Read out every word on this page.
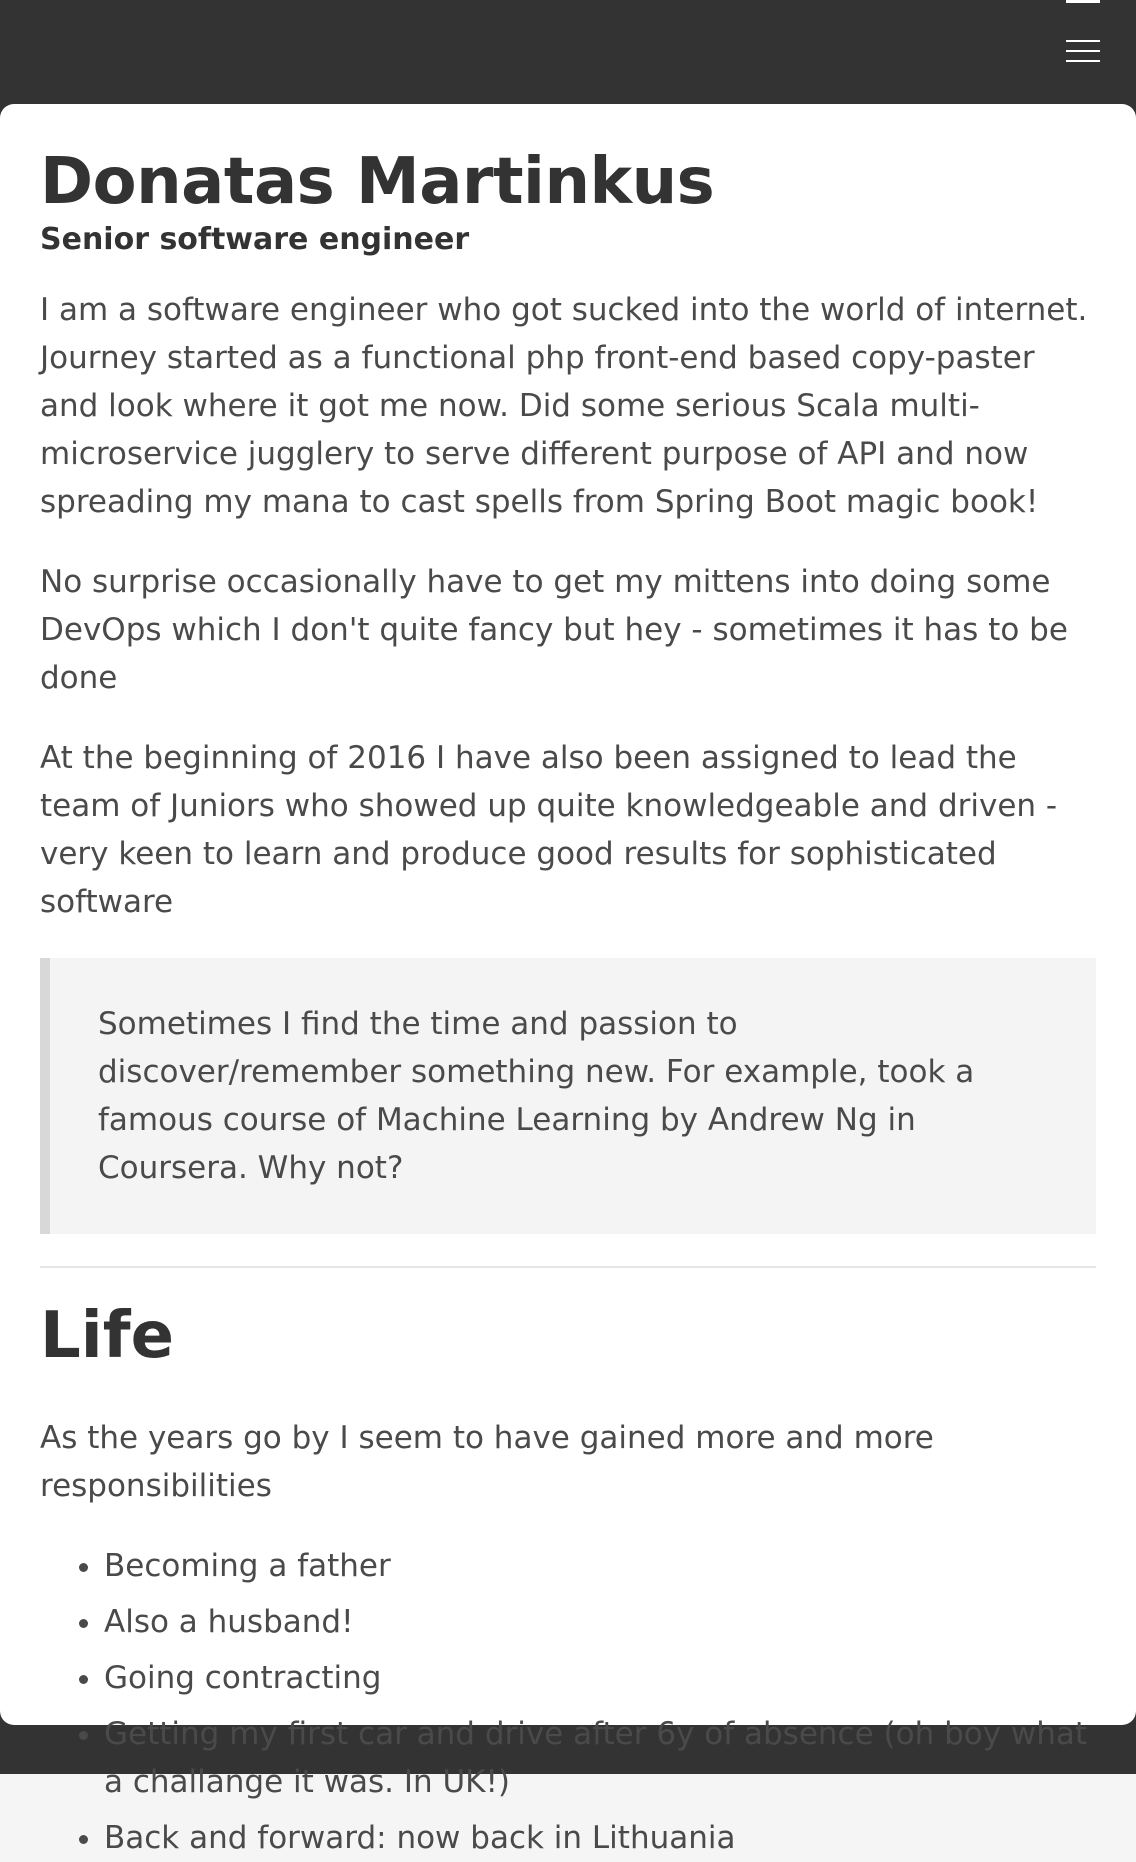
Donatas Martinkus
Senior software engineer

I am a software engineer who got sucked into the world of internet. Journey started as a functional php front-end based copy-paster and look where it got me now. Did some serious Scala multi-microservice jugglery to serve different purpose of API and now spreading my mana to cast spells from Spring Boot magic book!

No surprise occasionally have to get my mittens into doing some DevOps which I don't quite fancy but hey - sometimes it has to be done

At the beginning of 2016 I have also been assigned to lead the team of Juniors who showed up quite knowledgeable and driven - very keen to learn and produce good results for sophisticated software

Sometimes I find the time and passion to discover/remember something new. For example, took a famous course of Machine Learning by Andrew Ng in Coursera. Why not?
Life

As the years go by I seem to have gained more and more responsibilities

• Becoming a father
• Also a husband!
• Going contracting
• Getting my first car and drive after 6y of absence (oh boy what a challange it was. In UK!)
• Back and forward: now back in Lithuania
